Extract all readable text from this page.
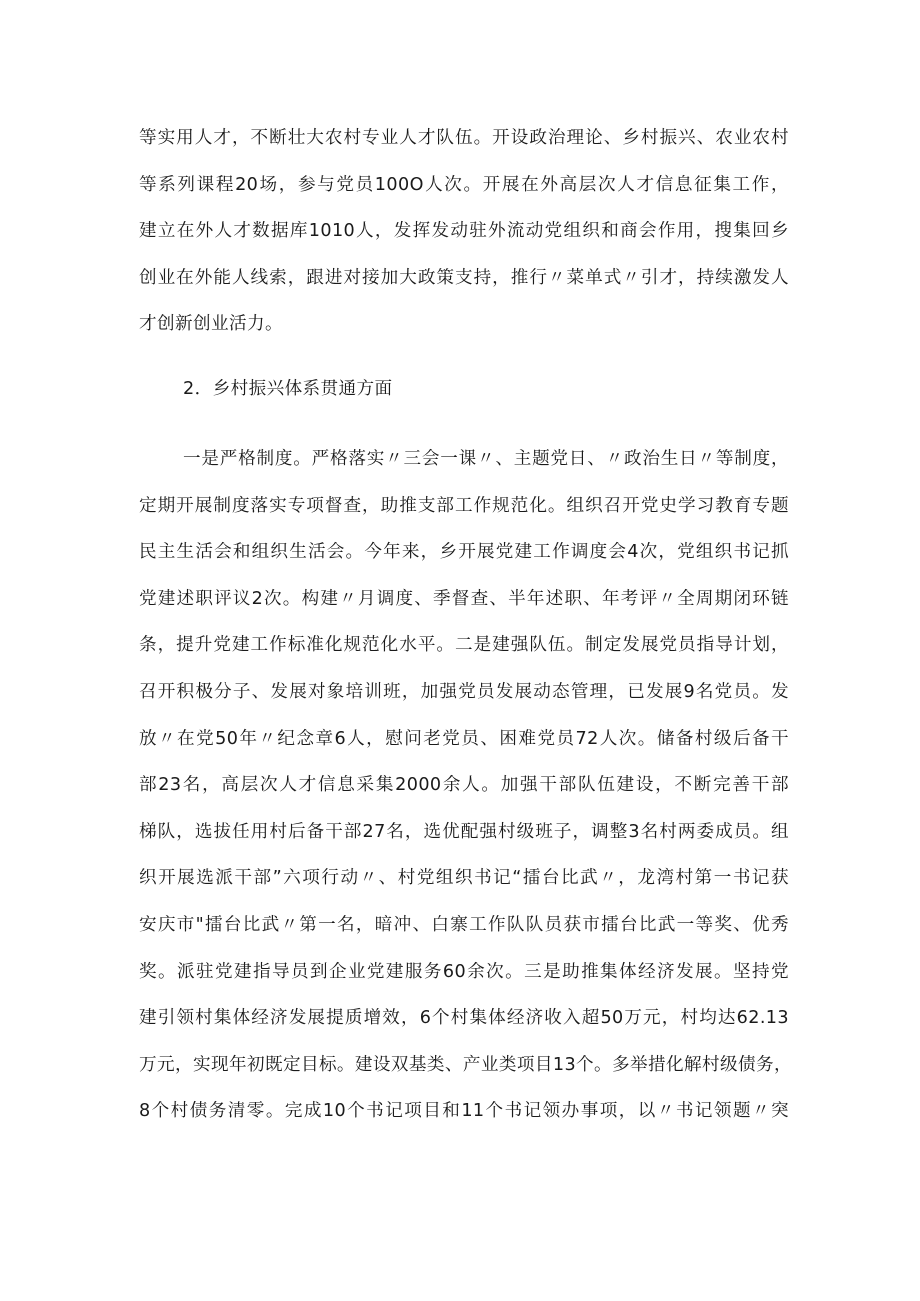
等实用人才，不断壮大农村专业人才队伍。开设政治理论、乡村振兴、农业农村
等系列课程20场，参与党员100O人次。开展在外高层次人才信息征集工作，
建立在外人才数据库1010人，发挥发动驻外流动党组织和商会作用，搜集回乡
创业在外能人线索，跟进对接加大政策支持，推行〃菜单式〃引才，持续激发人
才创新创业活力。
2．乡村振兴体系贯通方面
一是严格制度。严格落实〃三会一课〃、主题党日、〃政治生日〃等制度，
定期开展制度落实专项督查，助推支部工作规范化。组织召开党史学习教育专题
民主生活会和组织生活会。今年来，乡开展党建工作调度会4次，党组织书记抓
党建述职评议2次。构建〃月调度、季督查、半年述职、年考评〃全周期闭环链
条，提升党建工作标准化规范化水平。二是建强队伍。制定发展党员指导计划，
召开积极分子、发展对象培训班，加强党员发展动态管理，已发展9名党员。发
放〃在党50年〃纪念章6人，慰问老党员、困难党员72人次。储备村级后备干
部23名，高层次人才信息采集2000余人。加强干部队伍建设，不断完善干部
梯队，选拔任用村后备干部27名，选优配强村级班子，调整3名村两委成员。组
织开展选派干部”六项行动〃、村党组织书记“擂台比武〃，龙湾村第一书记获
安庆市"擂台比武〃第一名，暗冲、白寨工作队队员获市擂台比武一等奖、优秀
奖。派驻党建指导员到企业党建服务60余次。三是助推集体经济发展。坚持党
建引领村集体经济发展提质增效，6个村集体经济收入超50万元，村均达62.13
万元，实现年初既定目标。建设双基类、产业类项目13个。多举措化解村级债务，
8个村债务清零。完成10个书记项目和11个书记领办事项，以〃书记领题〃突
